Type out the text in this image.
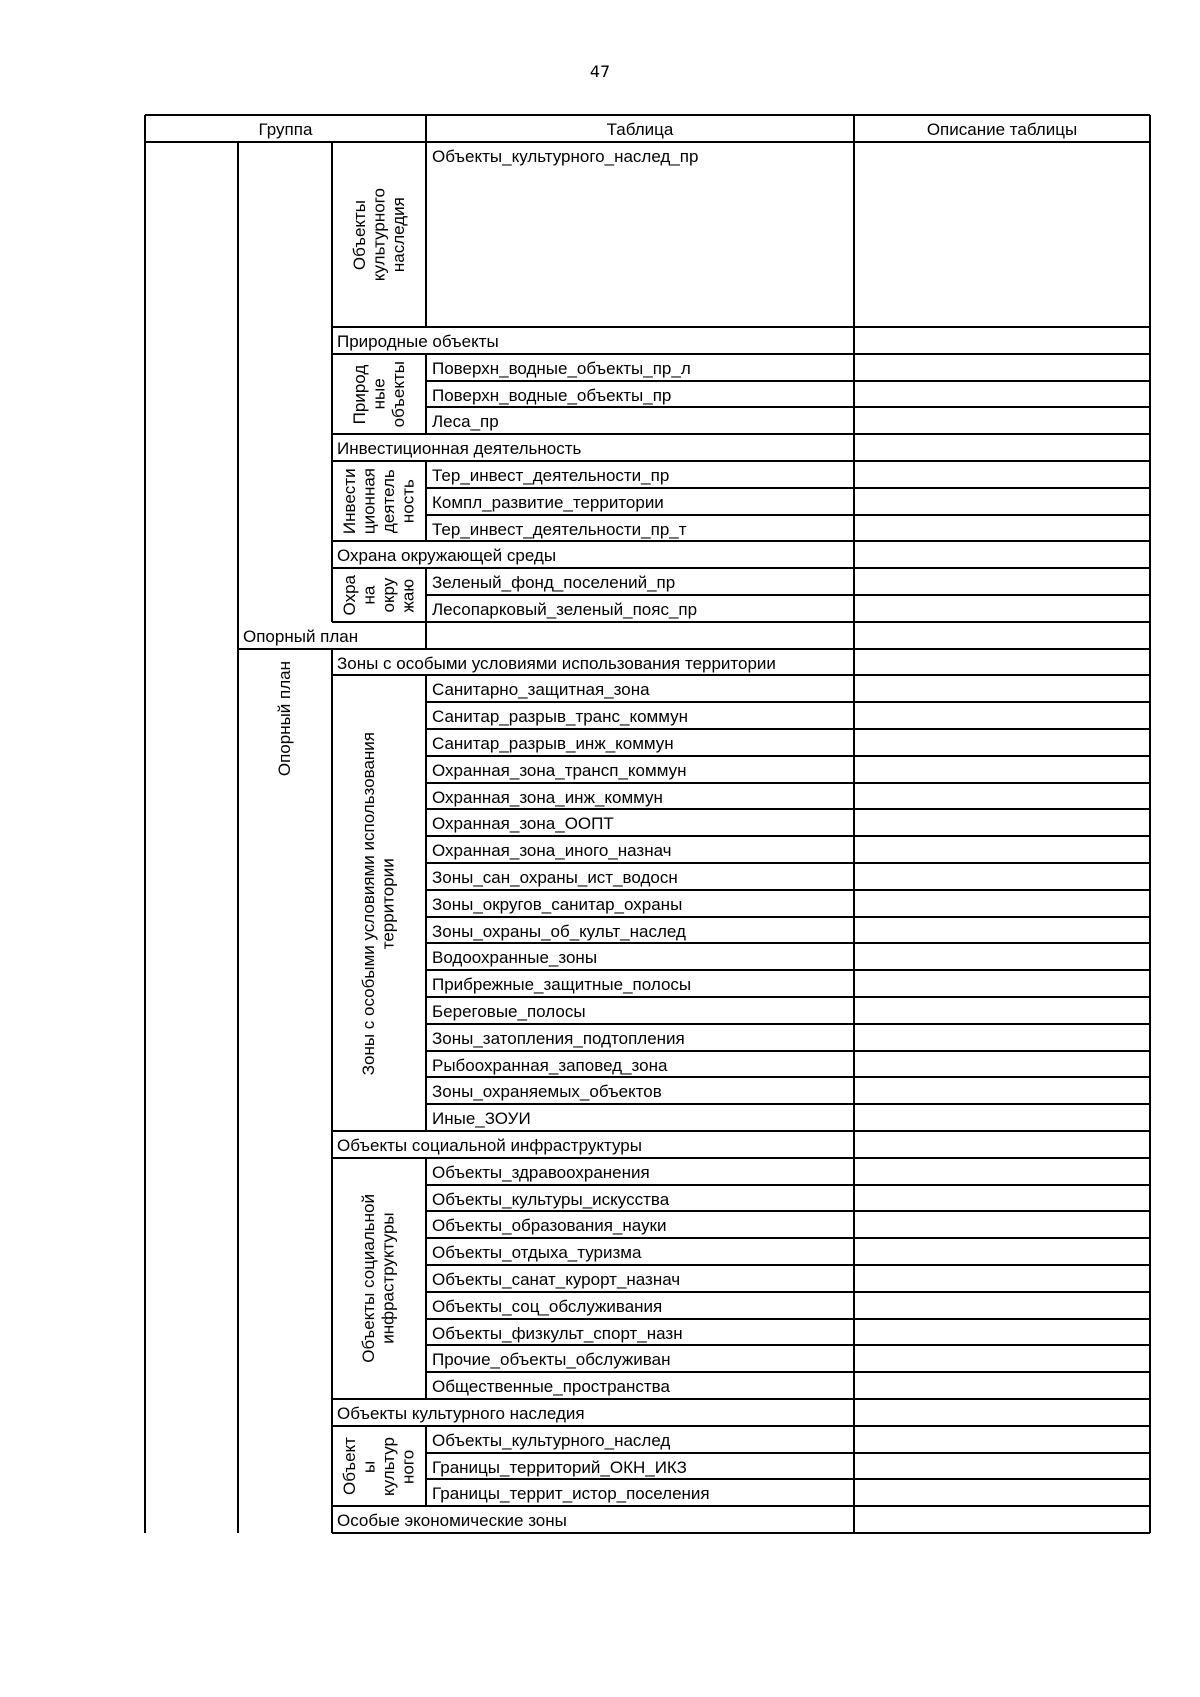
47
Группа	Таблица	Описание таблицы
Объекты
культурного
наследия
Объекты_культурного_наслед_пр
Природные объекты
Поверхн_водные_объекты_пр_л
Поверхн_водные_объекты_пр
Леса_пр
Природ
ные
объекты
Инвестиционная деятельность
Тер_инвест_деятельности_пр
Компл_развитие_территории
Тер_инвест_деятельности_пр_т
Инвести
ционная
деятель
ность
Охрана окружающей среды
Зеленый_фонд_поселений_пр
Лесопарковый_зеленый_пояс_пр
Охра
на
окру
жаю
Опорный план
Зоны с особыми условиями использования территории
Санитарно_защитная_зона
Санитар_разрыв_транс_коммун
Санитар_разрыв_инж_коммун
Охранная_зона_трансп_коммун
Охранная_зона_инж_коммун
Охранная_зона_ООПТ
Охранная_зона_иного_назнач
Зоны_сан_охраны_ист_водосн
Зоны_округов_санитар_охраны
Зоны_охраны_об_культ_наслед
Водоохранные_зоны
Прибрежные_защитные_полосы
Береговые_полосы
Зоны_затопления_подтопления
Рыбоохранная_заповед_зона
Зоны_охраняемых_объектов
Иные_ЗОУИ
Зоны с особыми условиями использования
территории
Объекты социальной инфраструктуры
Объекты_здравоохранения
Объекты_культуры_искусства
Объекты_образования_науки
Объекты_отдыха_туризма
Объекты_санат_курорт_назнач
Объекты_соц_обслуживания
Объекты_физкульт_спорт_назн
Прочие_объекты_обслуживан
Общественные_пространства
Объекты социальной
инфраструктуры
Объекты культурного наследия
Объекты_культурного_наслед
Границы_территорий_ОКН_ИКЗ
Границы_террит_истор_поселения
Объект
ы
культур
ного
Особые экономические зоны
Опорный план
